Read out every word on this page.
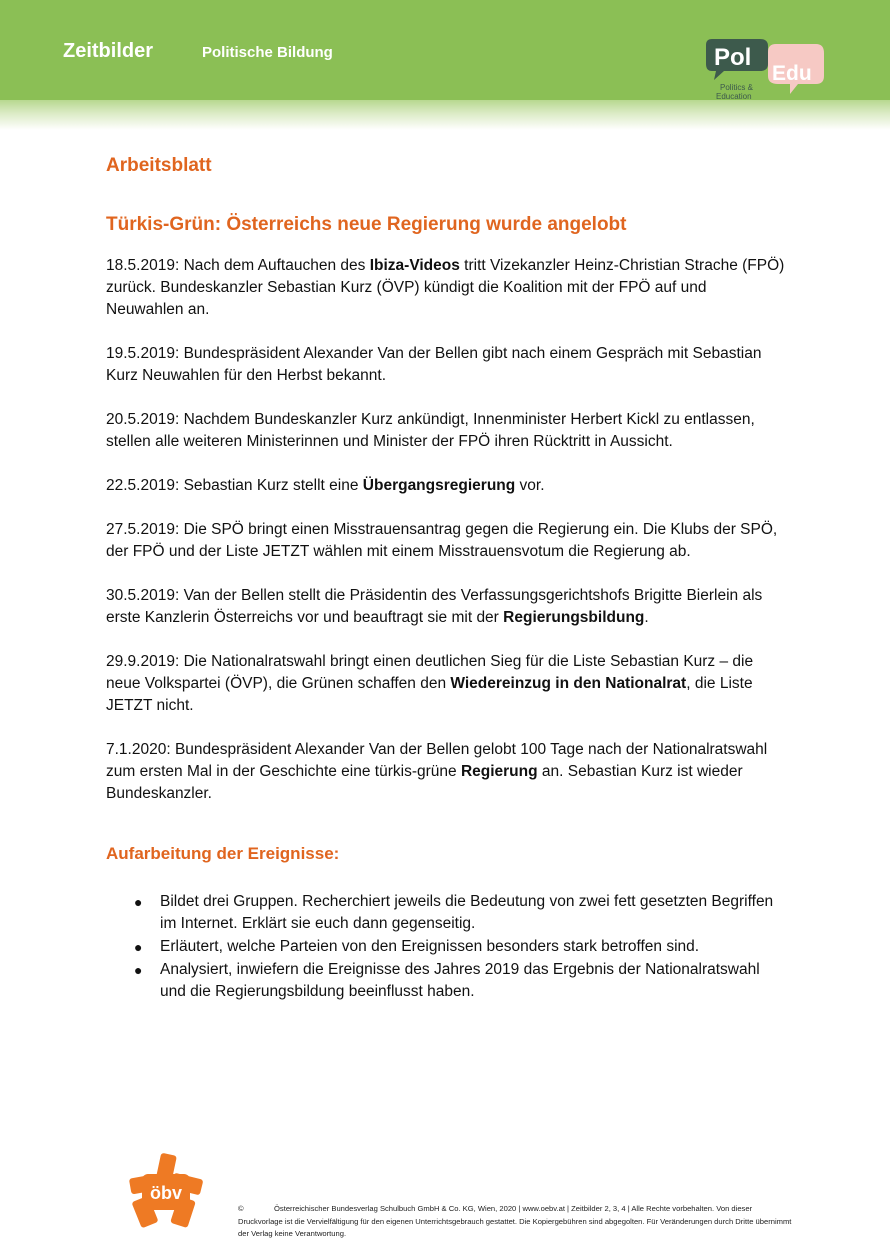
Zeitbilder	Politische Bildung	Pol
Edu
Politics &
Education
Arbeitsblatt
Türkis-Grün: Österreichs neue Regierung wurde angelobt

18.5.2019: Nach dem Auftauchen des Ibiza-Videos tritt Vizekanzler Heinz-Christian Strache (FPÖ) zurück. Bundeskanzler Sebastian Kurz (ÖVP) kündigt die Koalition mit der FPÖ auf und Neuwahlen an.

19.5.2019: Bundespräsident Alexander Van der Bellen gibt nach einem Gespräch mit Sebastian Kurz Neuwahlen für den Herbst bekannt.

20.5.2019: Nachdem Bundeskanzler Kurz ankündigt, Innenminister Herbert Kickl zu entlassen, stellen alle weiteren Ministerinnen und Minister der FPÖ ihren Rücktritt in Aussicht.

22.5.2019: Sebastian Kurz stellt eine Übergangsregierung vor.

27.5.2019: Die SPÖ bringt einen Misstrauensantrag gegen die Regierung ein. Die Klubs der SPÖ, der FPÖ und der Liste JETZT wählen mit einem Misstrauensvotum die Regierung ab.

30.5.2019: Van der Bellen stellt die Präsidentin des Verfassungsgerichtshofs Brigitte Bierlein als erste Kanzlerin Österreichs vor und beauftragt sie mit der Regierungsbildung.

29.9.2019: Die Nationalratswahl bringt einen deutlichen Sieg für die Liste Sebastian Kurz – die neue Volkspartei (ÖVP), die Grünen schaffen den Wiedereinzug in den Nationalrat, die Liste JETZT nicht.

7.1.2020: Bundespräsident Alexander Van der Bellen gelobt 100 Tage nach der Nationalratswahl zum ersten Mal in der Geschichte eine türkis-grüne Regierung an. Sebastian Kurz ist wieder Bundeskanzler.

Aufarbeitung der Ereignisse:
● Bildet drei Gruppen. Recherchiert jeweils die Bedeutung von zwei fett gesetzten Begriffen im Internet. Erklärt sie euch dann gegenseitig.
● Erläutert, welche Parteien von den Ereignissen besonders stark betroffen sind.
● Analysiert, inwiefern die Ereignisse des Jahres 2019 das Ergebnis der Nationalratswahl und die Regierungsbildung beeinflusst haben.
öbv
©	Österreichischer Bundesverlag Schulbuch GmbH & Co. KG, Wien, 2020 | www.oebv.at | Zeitbilder 2, 3, 4 | Alle Rechte vorbehalten. Von dieser Druckvorlage ist die Vervielfältigung für den eigenen Unterrichtsgebrauch gestattet. Die Kopiergebühren sind abgegolten. Für Veränderungen durch Dritte übernimmt der Verlag keine Verantwortung.
